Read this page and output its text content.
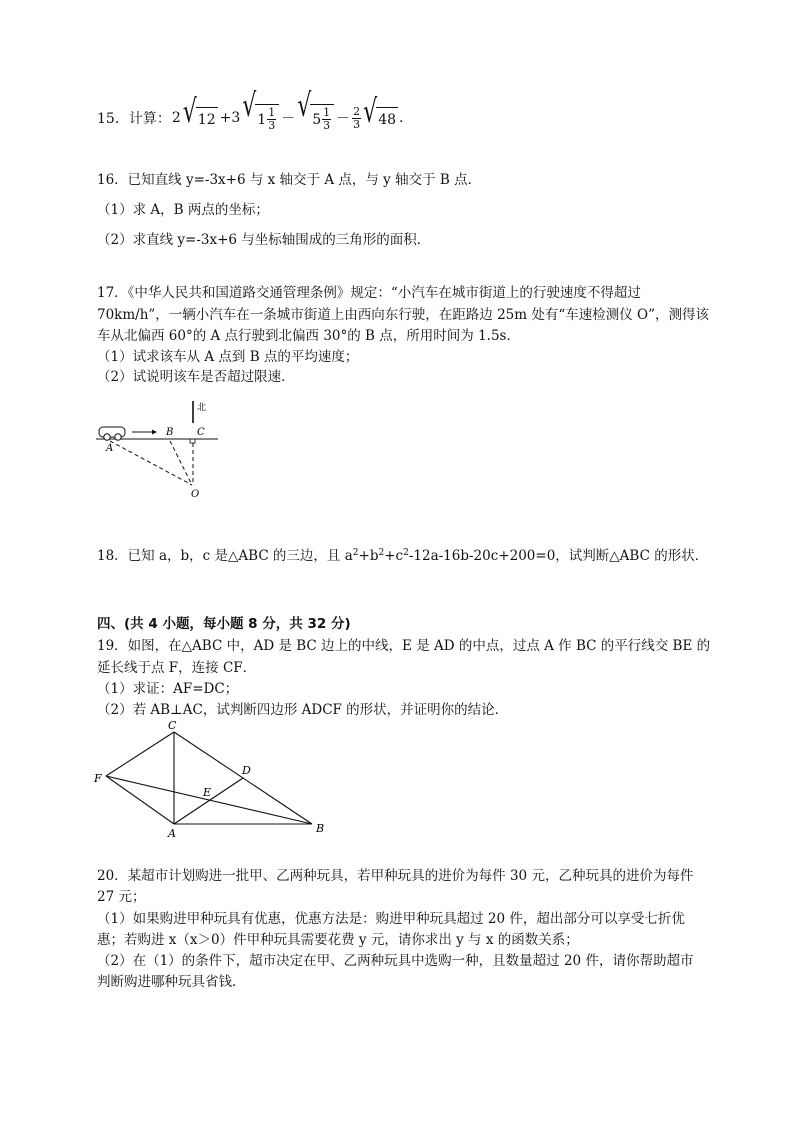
15．计算： 2 √ 12 +3 √ $1 \frac{1}{3}$ － √ $5 \frac{1}{3} - \frac{2}{3}$ √ 48 .
16．已知直线 y=-3x+6 与 x 轴交于 A 点，与 y 轴交于 B 点．
（1）求 A，B 两点的坐标；
（2）求直线 y=-3x+6 与坐标轴围成的三角形的面积．
17．《中华人民共和国道路交通管理条例》规定：“小汽车在城市街道上的行驶速度不得超过
70km/h”，一辆小汽车在一条城市街道上由西向东行驶，在距路边 25m 处有“车速检测仪 O”，测得该
车从北偏西 60°的 A 点行驶到北偏西 30°的 B 点，所用时间为 1.5s．
（1）试求该车从 A 点到 B 点的平均速度；
（2）试说明该车是否超过限速．
北
A
B C
O
18．已知 a，b，c 是△ABC 的三边，且 $a^2+b^2+c^2-12a-16b-20c+200=0$，试判断△ABC 的形状．
四、(共 4 小题，每小题 8 分，共 32 分)
19．如图，在△ABC 中，AD 是 BC 边上的中线，E 是 AD 的中点，过点 A 作 BC 的平行线交 BE 的
延长线于点 F，连接 CF．
（1）求证：AF=DC；
（2）若 AB⊥AC，试判断四边形 ADCF 的形状，并证明你的结论．
C
D
E
F
A	B
20．某超市计划购进一批甲、乙两种玩具，若甲种玩具的进价为每件 30 元，乙种玩具的进价为每件
27 元；
（1）如果购进甲种玩具有优惠，优惠方法是：购进甲种玩具超过 20 件，超出部分可以享受七折优
惠；若购进 x（x＞0）件甲种玩具需要花费 y 元，请你求出 y 与 x 的函数关系；
（2）在（1）的条件下，超市决定在甲、乙两种玩具中选购一种，且数量超过 20 件，请你帮助超市
判断购进哪种玩具省钱．
